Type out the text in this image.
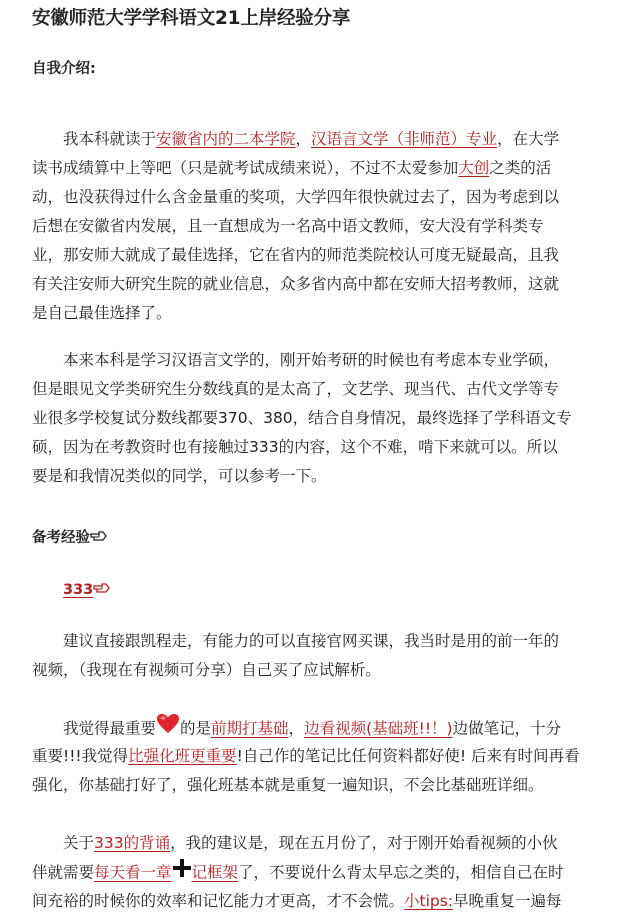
安徽师范大学学科语文21上岸经验分享
自我介绍:
我本科就读于安徽省内的二本学院，汉语言文学（非师范）专业，在大学
读书成绩算中上等吧（只是就考试成绩来说），不过不太爱参加大创之类的活
动，也没获得过什么含金量重的奖项，大学四年很快就过去了，因为考虑到以
后想在安徽省内发展，且一直想成为一名高中语文教师，安大没有学科类专
业，那安师大就成了最佳选择，它在省内的师范类院校认可度无疑最高，且我
有关注安师大研究生院的就业信息，众多省内高中都在安师大招考教师，这就
是自己最佳选择了。
本来本科是学习汉语言文学的，刚开始考研的时候也有考虑本专业学硕，
但是眼见文学类研究生分数线真的是太高了，文艺学、现当代、古代文学等专
业很多学校复试分数线都要370、380，结合自身情况，最终选择了学科语文专
硕，因为在考教资时也有接触过333的内容，这个不难，啃下来就可以。所以
要是和我情况类似的同学，可以参考一下。
备考经验
333
建议直接跟凯程走，有能力的可以直接官网买课，我当时是用的前一年的
视频，（我现在有视频可分享）自己买了应试解析。
我觉得最重要 的是前期打基础，边看视频(基础班!!！)边做笔记，十分
重要!!!我觉得比强化班更重要!自己作的笔记比任何资料都好使! 后来有时间再看
强化，你基础打好了，强化班基本就是重复一遍知识，不会比基础班详细。
关于333的背诵，我的建议是，现在五月份了，对于刚开始看视频的小伙
伴就需要每天看一章 记框架了，不要说什么背太早忘之类的，相信自己在时
间充裕的时候你的效率和记忆能力才更高，才不会慌。小tips:早晚重复一遍每
